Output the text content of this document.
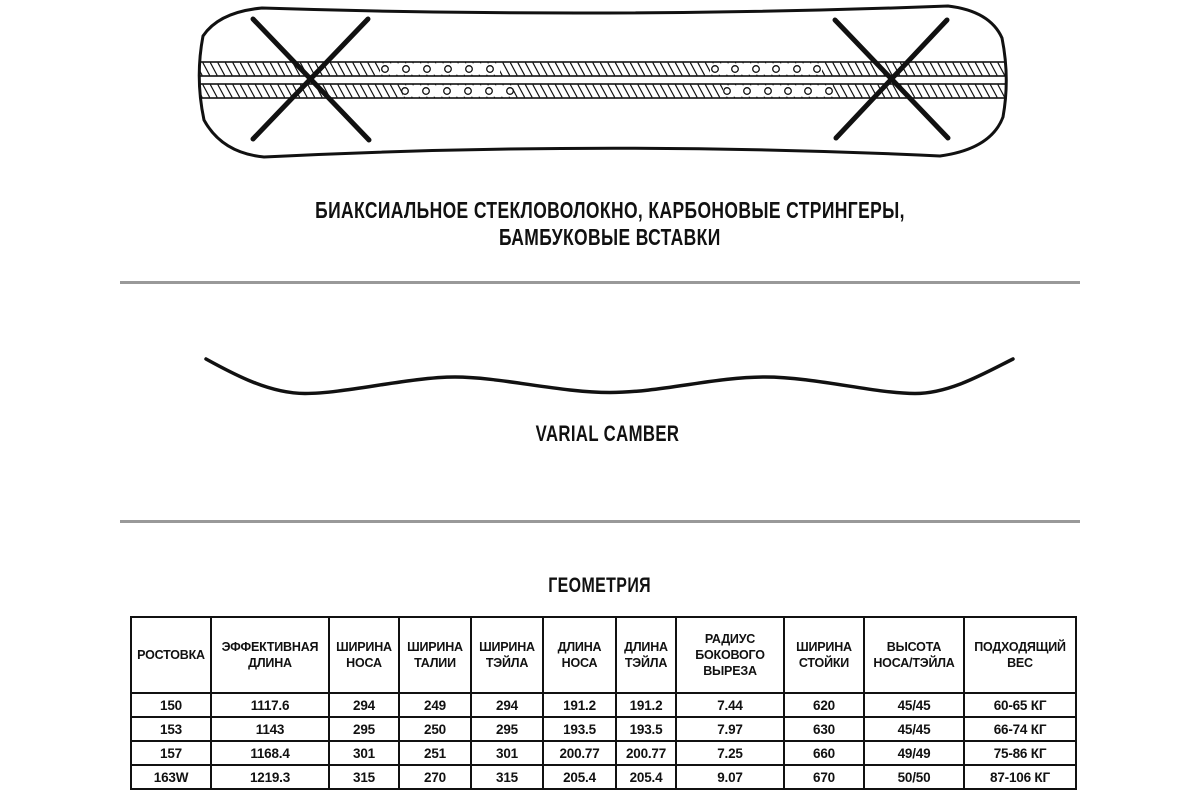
БИАКСИАЛЬНОЕ СТЕКЛОВОЛОКНО, КАРБОНОВЫЕ СТРИНГЕРЫ,
БАМБУКОВЫЕ ВСТАВКИ
VARIAL CAMBER
ГЕОМЕТРИЯ
РОСТОВКА	ЭФФЕКТИВНАЯ ДЛИНА	ШИРИНА НОСА	ШИРИНА ТАЛИИ	ШИРИНА ТЭЙЛА	ДЛИНА НОСА	ДЛИНА ТЭЙЛА	РАДИУС БОКОВОГО ВЫРЕЗА	ШИРИНА СТОЙКИ	ВЫСОТА НОСА/ТЭЙЛА	ПОДХОДЯЩИЙ ВЕС
150	1117.6	294	249	294	191.2	191.2	7.44	620	45/45	60-65 КГ
153	1143	295	250	295	193.5	193.5	7.97	630	45/45	66-74 КГ
157	1168.4	301	251	301	200.77	200.77	7.25	660	49/49	75-86 КГ
163W	1219.3	315	270	315	205.4	205.4	9.07	670	50/50	87-106 КГ
